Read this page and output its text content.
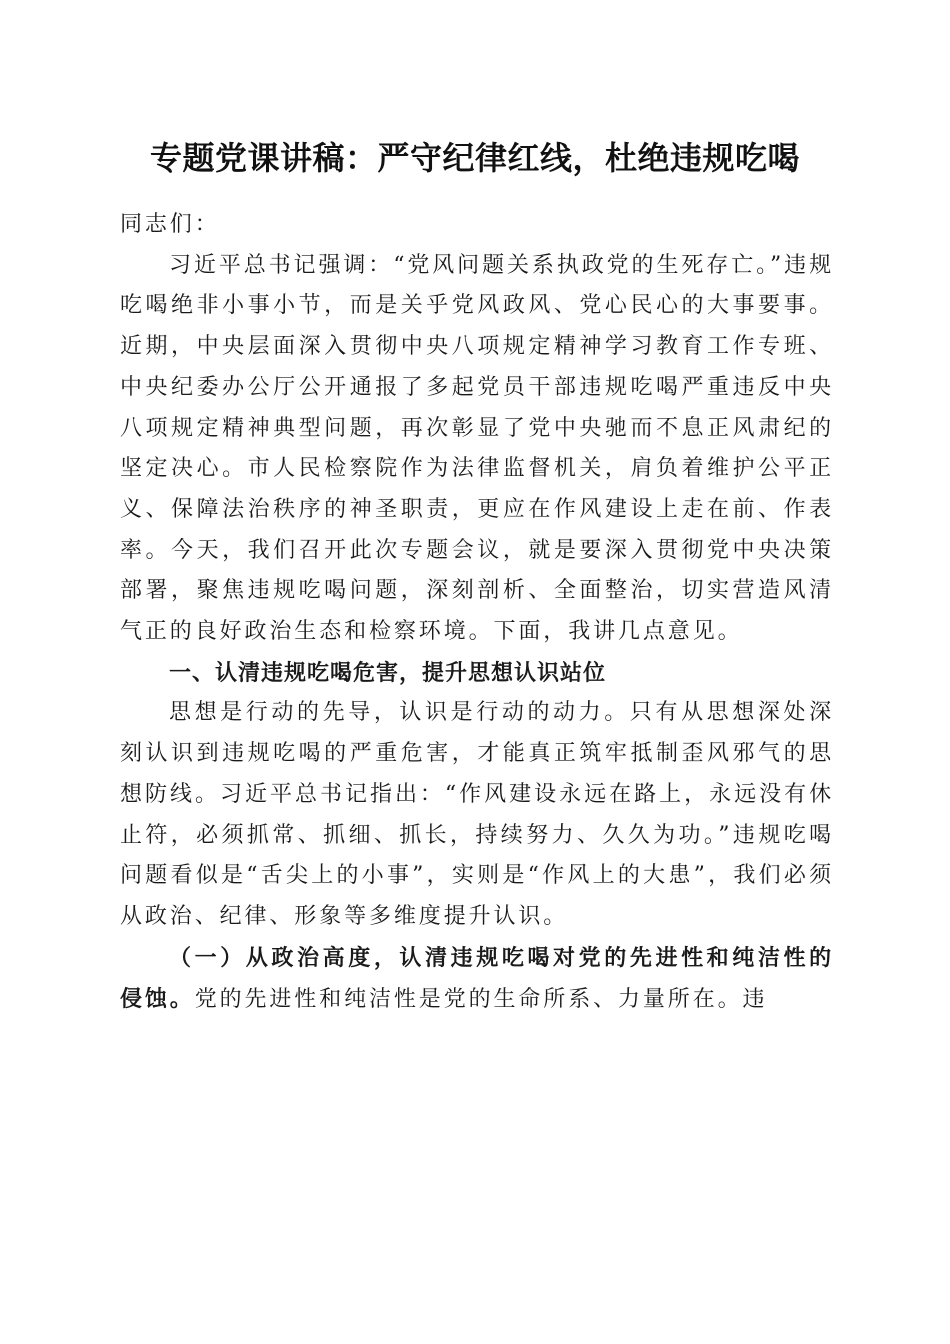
专题党课讲稿：严守纪律红线，杜绝违规吃喝

同志们：

习近平总书记强调：“党风问题关系执政党的生死存亡。”违规吃喝绝非小事小节，而是关乎党风政风、党心民心的大事要事。近期，中央层面深入贯彻中央八项规定精神学习教育工作专班、中央纪委办公厅公开通报了多起党员干部违规吃喝严重违反中央八项规定精神典型问题，再次彰显了党中央驰而不息正风肃纪的坚定决心。市人民检察院作为法律监督机关，肩负着维护公平正义、保障法治秩序的神圣职责，更应在作风建设上走在前、作表率。今天，我们召开此次专题会议，就是要深入贯彻党中央决策部署，聚焦违规吃喝问题，深刻剖析、全面整治，切实营造风清气正的良好政治生态和检察环境。下面，我讲几点意见。

一、认清违规吃喝危害，提升思想认识站位

思想是行动的先导，认识是行动的动力。只有从思想深处深刻认识到违规吃喝的严重危害，才能真正筑牢抵制歪风邪气的思想防线。习近平总书记指出：“作风建设永远在路上，永远没有休止符，必须抓常、抓细、抓长，持续努力、久久为功。”违规吃喝问题看似是“舌尖上的小事”，实则是“作风上的大患”，我们必须从政治、纪律、形象等多维度提升认识。

（一）从政治高度，认清违规吃喝对党的先进性和纯洁性的侵蚀。党的先进性和纯洁性是党的生命所系、力量所在。违
